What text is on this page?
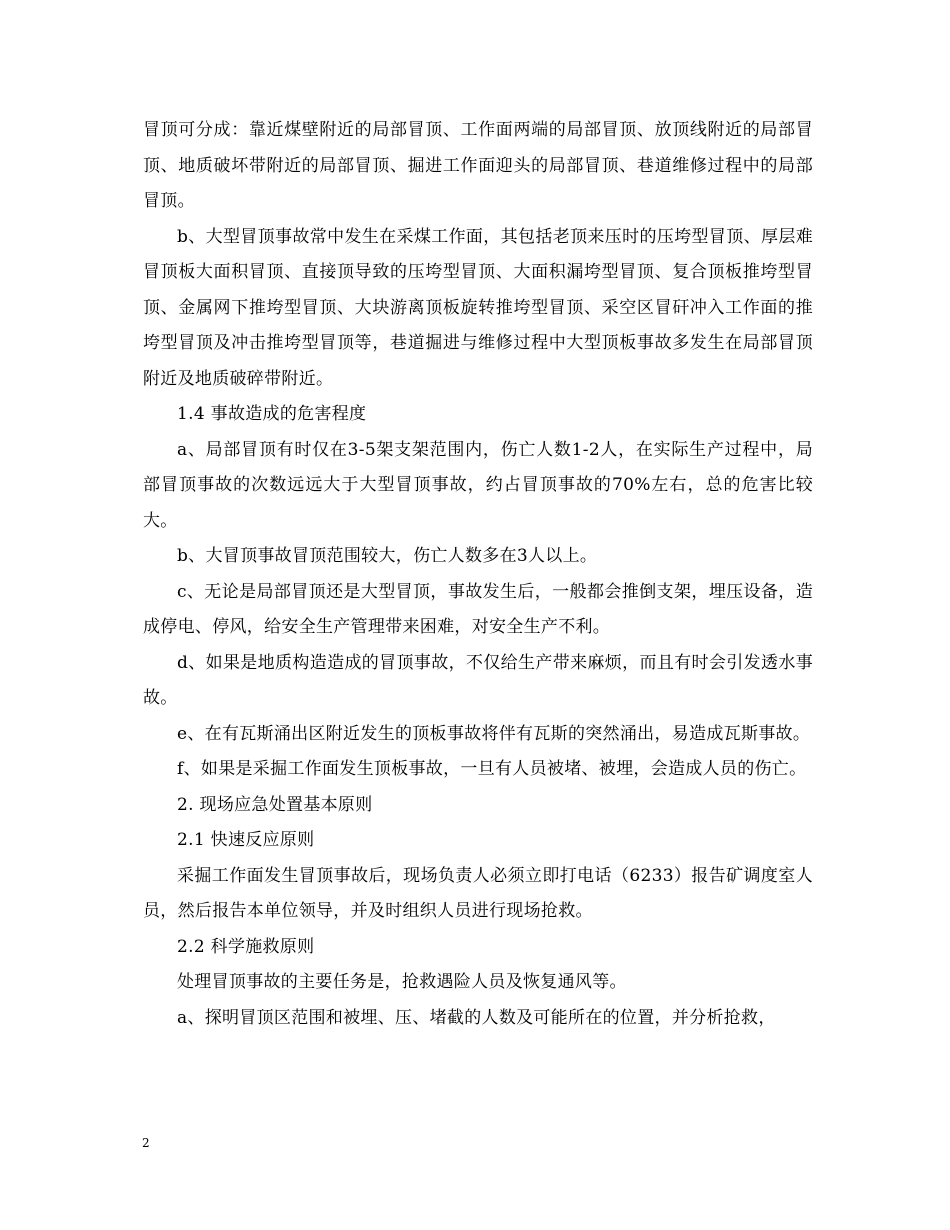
冒顶可分成：靠近煤壁附近的局部冒顶、工作面两端的局部冒顶、放顶线附近的局部冒顶、地质破坏带附近的局部冒顶、掘进工作面迎头的局部冒顶、巷道维修过程中的局部冒顶。

b、大型冒顶事故常中发生在采煤工作面，其包括老顶来压时的压垮型冒顶、厚层难冒顶板大面积冒顶、直接顶导致的压垮型冒顶、大面积漏垮型冒顶、复合顶板推垮型冒顶、金属网下推垮型冒顶、大块游离顶板旋转推垮型冒顶、采空区冒矸冲入工作面的推垮型冒顶及冲击推垮型冒顶等，巷道掘进与维修过程中大型顶板事故多发生在局部冒顶附近及地质破碎带附近。

1.4 事故造成的危害程度

a、局部冒顶有时仅在3-5架支架范围内，伤亡人数1-2人，在实际生产过程中，局部冒顶事故的次数远远大于大型冒顶事故，约占冒顶事故的70%左右，总的危害比较大。

b、大冒顶事故冒顶范围较大，伤亡人数多在3人以上。

c、无论是局部冒顶还是大型冒顶，事故发生后，一般都会推倒支架，埋压设备，造成停电、停风，给安全生产管理带来困难，对安全生产不利。

d、如果是地质构造造成的冒顶事故，不仅给生产带来麻烦，而且有时会引发透水事故。

e、在有瓦斯涌出区附近发生的顶板事故将伴有瓦斯的突然涌出，易造成瓦斯事故。

f、如果是采掘工作面发生顶板事故，一旦有人员被堵、被埋，会造成人员的伤亡。

2. 现场应急处置基本原则

2.1 快速反应原则

采掘工作面发生冒顶事故后，现场负责人必须立即打电话（6233）报告矿调度室人员，然后报告本单位领导，并及时组织人员进行现场抢救。

2.2 科学施救原则

处理冒顶事故的主要任务是，抢救遇险人员及恢复通风等。

a、探明冒顶区范围和被埋、压、堵截的人数及可能所在的位置，并分析抢救，

2
